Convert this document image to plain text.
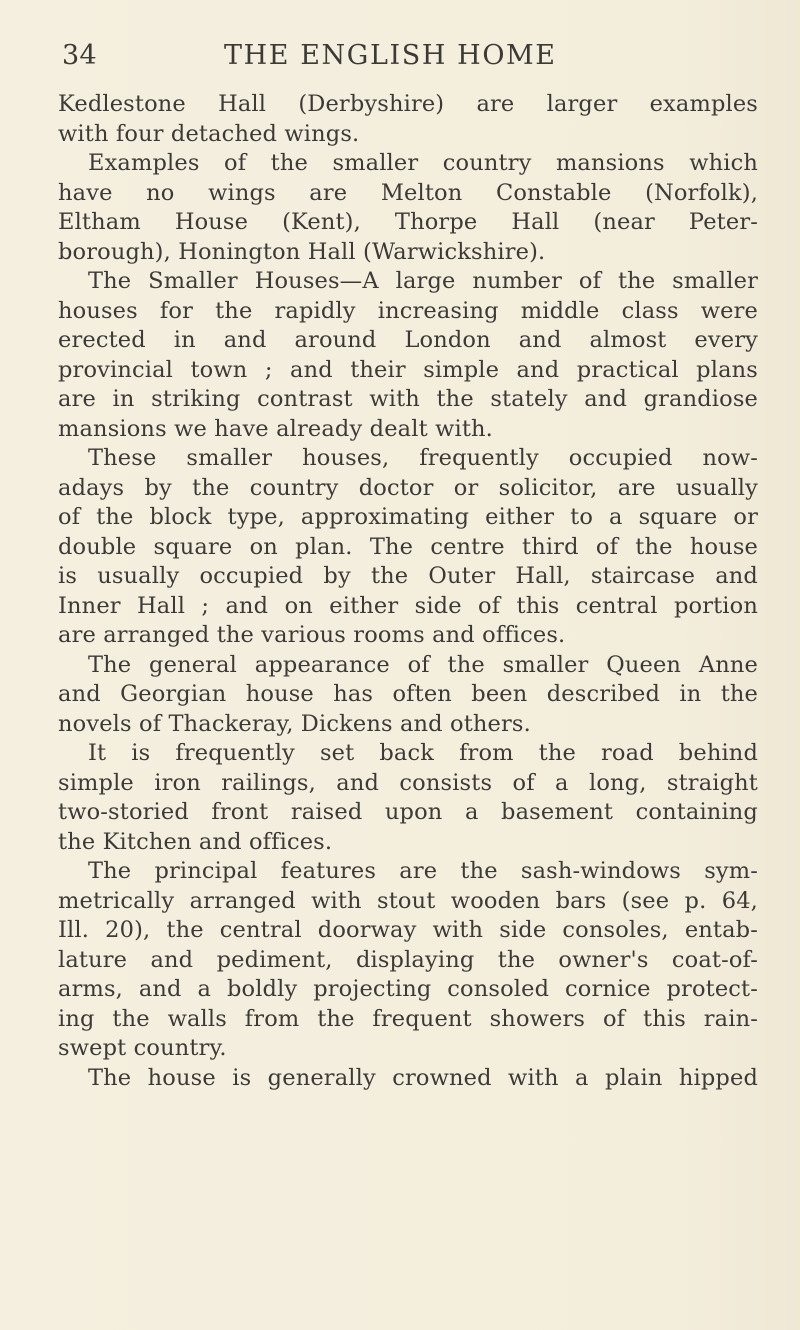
34	THE ENGLISH HOME
Kedlestone Hall (Derbyshire) are larger examples
with four detached wings.
Examples of the smaller country mansions which
have no wings are Melton Constable (Norfolk),
Eltham House (Kent), Thorpe Hall (near Peter-
borough), Honington Hall (Warwickshire).
The Smaller Houses—A large number of the smaller
houses for the rapidly increasing middle class were
erected in and around London and almost every
provincial town ; and their simple and practical plans
are in striking contrast with the stately and grandiose
mansions we have already dealt with.
These smaller houses, frequently occupied now-
adays by the country doctor or solicitor, are usually
of the block type, approximating either to a square or
double square on plan. The centre third of the house
is usually occupied by the Outer Hall, staircase and
Inner Hall ; and on either side of this central portion
are arranged the various rooms and offices.
The general appearance of the smaller Queen Anne
and Georgian house has often been described in the
novels of Thackeray, Dickens and others.
It is frequently set back from the road behind
simple iron railings, and consists of a long, straight
two-storied front raised upon a basement containing
the Kitchen and offices.
The principal features are the sash-windows sym-
metrically arranged with stout wooden bars (see p. 64,
Ill. 20), the central doorway with side consoles, entab-
lature and pediment, displaying the owner's coat-of-
arms, and a boldly projecting consoled cornice protect-
ing the walls from the frequent showers of this rain-
swept country.
The house is generally crowned with a plain hipped
